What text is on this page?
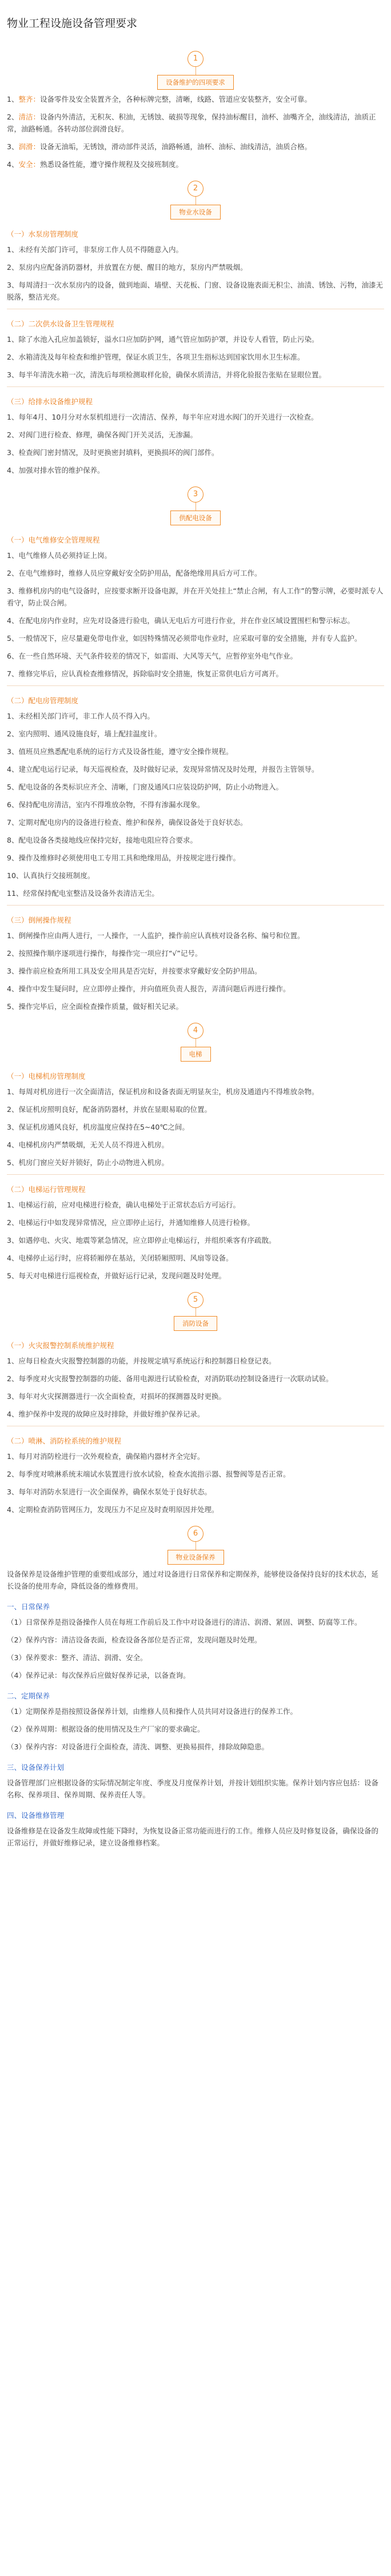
物业工程设施设备管理要求
1
设备维护的四项要求

1、整齐：设备零件及安全装置齐全，各种标牌完整，清晰，线路、管道应安装整齐，安全可靠。

2、清洁：设备内外清洁，无积灰、积油，无锈蚀、破损等现象，保持油标醒目，油杯、油嘴齐全，油线清洁，油质正常，油路畅通。各转动部位润滑良好。

3、润滑：设备无油垢，无锈蚀，滑动部件灵活，油路畅通，油杯、油标、油线清洁，油质合格。

4、安全：熟悉设备性能，遵守操作规程及交接班制度。

2
物业水设备
（一）水泵房管理制度

1、未经有关部门许可，非泵房工作人员不得随意入内。

2、泵房内应配备消防器材，并放置在方便、醒目的地方，泵房内严禁吸烟。

3、每周清扫一次水泵房内的设备，做到地面、墙壁、天花板、门窗、设备设施表面无积尘、油渍、锈蚀、污物，油漆无脱落，整洁光亮。

（二）二次供水设备卫生管理规程

1、除了水池入孔应加盖锁好，溢水口应加防护网，通气管应加防护罩，并设专人看管，防止污染。

2、水箱清洗及每年检查和维护管理，保证水质卫生，各项卫生指标达到国家饮用水卫生标准。

3、每半年清洗水箱一次，清洗后每项检测取样化验，确保水质清洁，并将化验报告张贴在显眼位置。

（三）给排水设备维护规程

1、每年4月、10月分对水泵机组进行一次清洁、保养，每半年应对进水阀门的开关进行一次检查。

2、对阀门进行检查、修理，确保各阀门开关灵活，无渗漏。

3、检查阀门密封情况，及时更换密封填料，更换损坏的阀门部件。

4、加强对排水管的维护保养。

3
供配电设备
（一）电气维修安全管理规程

1、电气维修人员必须持证上岗。

2、在电气维修时，维修人员应穿戴好安全防护用品，配备绝缘用具后方可工作。

3、维修机房内的电气设备时，应按要求断开设备电源，并在开关处挂上“禁止合闸，有人工作”的警示牌，必要时派专人看守，防止误合闸。

4、在配电房内作业时，应先对设备进行验电，确认无电后方可进行作业，并在作业区域设置围栏和警示标志。

5、一般情况下，应尽量避免带电作业，如因特殊情况必须带电作业时，应采取可靠的安全措施，并有专人监护。

6、在一些自然环境、天气条件较差的情况下，如雷雨、大风等天气，应暂停室外电气作业。

7、维修完毕后，应认真检查维修情况，拆除临时安全措施，恢复正常供电后方可离开。

（二）配电房管理制度

1、未经相关部门许可，非工作人员不得入内。

2、室内照明、通风设施良好，墙上配挂温度计。

3、值班员应熟悉配电系统的运行方式及设备性能，遵守安全操作规程。

4、建立配电运行记录，每天巡视检查，及时做好记录，发现异常情况及时处理，并报告主管领导。

5、配电设备的各类标识应齐全、清晰，门窗及通风口应装设防护网，防止小动物进入。

6、保持配电房清洁，室内不得堆放杂物，不得有渗漏水现象。

7、定期对配电房内的设备进行检查、维护和保养，确保设备处于良好状态。

8、配电设备各类接地线应保持完好，接地电阻应符合要求。

9、操作及维修时必须使用电工专用工具和绝缘用品，并按规定进行操作。

10、认真执行交接班制度。

11、经常保持配电室整洁及设备外表清洁无尘。

（三）倒闸操作规程

1、倒闸操作应由两人进行，一人操作，一人监护，操作前应认真核对设备名称、编号和位置。

2、按照操作顺序逐项进行操作，每操作完一项应打“√”记号。

3、操作前应检查所用工具及安全用具是否完好，并按要求穿戴好安全防护用品。

4、操作中发生疑问时，应立即停止操作，并向值班负责人报告，弄清问题后再进行操作。

5、操作完毕后，应全面检查操作质量，做好相关记录。

4
电梯
（一）电梯机房管理制度

1、每周对机房进行一次全面清洁，保证机房和设备表面无明显灰尘，机房及通道内不得堆放杂物。

2、保证机房照明良好，配备消防器材，并放在显眼易取的位置。

3、保证机房通风良好，机房温度应保持在5~40℃之间。

4、电梯机房内严禁吸烟，无关人员不得进入机房。

5、机房门窗应关好并锁好，防止小动物进入机房。

（二）电梯运行管理规程

1、电梯运行前，应对电梯进行检查，确认电梯处于正常状态后方可运行。

2、电梯运行中如发现异常情况，应立即停止运行，并通知维修人员进行检修。

3、如遇停电、火灾、地震等紧急情况，应立即停止电梯运行，并组织乘客有序疏散。

4、电梯停止运行时，应将轿厢停在基站，关闭轿厢照明、风扇等设备。

5、每天对电梯进行巡视检查，并做好运行记录，发现问题及时处理。

5
消防设备
（一）火灾报警控制系统维护规程

1、应每日检查火灾报警控制器的功能，并按规定填写系统运行和控制器日检登记表。

2、每季度对火灾报警控制器的功能、备用电源进行试验检查，对消防联动控制设备进行一次联动试验。

3、每年对火灾探测器进行一次全面检查，对损坏的探测器及时更换。

4、维护保养中发现的故障应及时排除，并做好维护保养记录。

（二）喷淋、消防栓系统的维护规程

1、每月对消防栓进行一次外观检查，确保箱内器材齐全完好。

2、每季度对喷淋系统末端试水装置进行放水试验，检查水流指示器、报警阀等是否正常。

3、每年对消防水泵进行一次全面保养，确保水泵处于良好状态。

4、定期检查消防管网压力，发现压力不足应及时查明原因并处理。

6
物业设备保养

设备保养是设备维护管理的重要组成部分，通过对设备进行日常保养和定期保养，能够使设备保持良好的技术状态，延长设备的使用寿命，降低设备的维修费用。

一、日常保养

（1）日常保养是指设备操作人员在每班工作前后及工作中对设备进行的清洁、润滑、紧固、调整、防腐等工作。

（2）保养内容：清洁设备表面，检查设备各部位是否正常，发现问题及时处理。

（3）保养要求：整齐、清洁、润滑、安全。

（4）保养记录：每次保养后应做好保养记录，以备查询。

二、定期保养

（1）定期保养是指按照设备保养计划，由维修人员和操作人员共同对设备进行的保养工作。

（2）保养周期：根据设备的使用情况及生产厂家的要求确定。

（3）保养内容：对设备进行全面检查，清洗、调整、更换易损件，排除故障隐患。

三、设备保养计划

设备管理部门应根据设备的实际情况制定年度、季度及月度保养计划，并按计划组织实施。保养计划内容应包括：设备名称、保养项目、保养周期、保养责任人等。

四、设备维修管理

设备维修是在设备发生故障或性能下降时，为恢复设备正常功能而进行的工作。维修人员应及时修复设备，确保设备的正常运行，并做好维修记录，建立设备维修档案。
